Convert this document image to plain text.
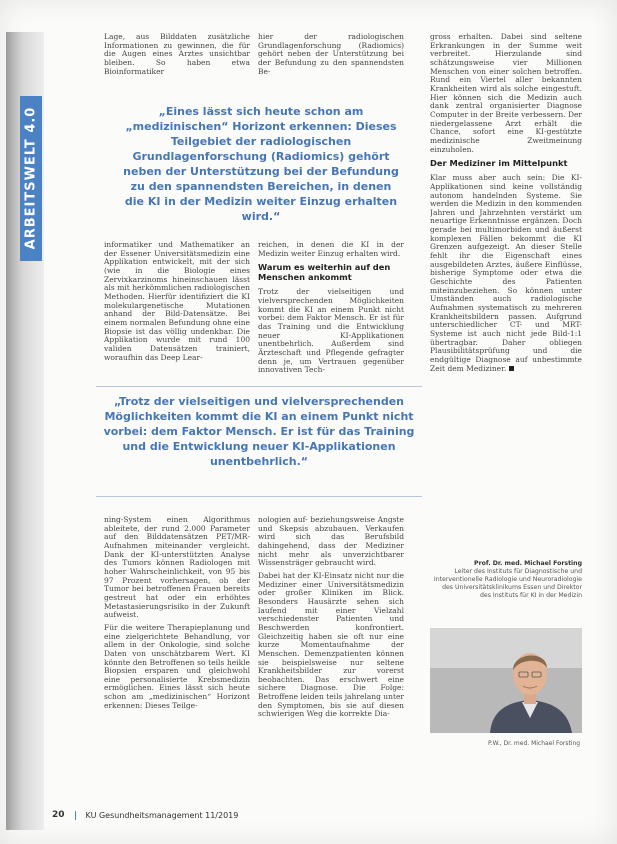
ARBEITSWELT 4.0

Lage, aus Bilddaten zusätzliche Informationen zu gewinnen, die für die Augen eines Arztes unsichtbar bleiben. So haben etwa Bioinformatiker

hier der radiologischen Grundlagenforschung (Radiomics) gehört neben der Unterstützung bei der Befundung zu den spannendsten Be-

„Eines lässt sich heute schon am „medizinischen“ Horizont erkennen: Dieses Teilgebiet der radiologischen Grundlagenforschung (Radiomics) gehört neben der Unterstützung bei der Befundung zu den spannendsten Bereichen, in denen die KI in der Medizin weiter Einzug erhalten wird.“

gross erhalten. Dabei sind seltene Erkrankungen in der Summe weit verbreitet. Hierzulande sind schätzungsweise vier Millionen Menschen von einer solchen betroffen. Rund ein Viertel aller bekannten Krankheiten wird als solche eingestuft. Hier können sich die Medizin auch dank zentral organisierter Diagnose Computer in der Breite verbessern. Der niedergelassene Arzt erhält die Chance, sofort eine KI-gestützte medizinische Zweitmeinung einzuholen.

Der Mediziner im Mittelpunkt

Klar muss aber auch sein: Die KI-Applikationen sind keine vollständig autonom handelnden Systeme. Sie werden die Medizin in den kommenden Jahren und Jahrzehnten verstärkt um neuartige Erkenntnisse ergänzen. Doch gerade bei multimorbiden und äußerst komplexen Fällen bekommt die KI Grenzen aufgezeigt. An dieser Stelle fehlt ihr die Eigenschaft eines ausgebildeten Arztes, äußere Einflüsse, bisherige Symptome oder etwa die Geschichte des Patienten miteinzubeziehen. So können unter Umständen auch radiologische Aufnahmen systematisch zu mehreren Krankheitsbildern passen. Aufgrund unterschiedlicher CT- und MRT-Systeme ist auch nicht jede Bild-1:1 übertragbar. Daher obliegen Plausibilitätsprüfung und die endgültige Diagnose auf unbestimmte Zeit dem Mediziner.

informatiker und Mathematiker an der Essener Universitätsmedizin eine Applikation entwickelt, mit der sich (wie in die Biologie eines Zervixkarzinoms hineinschauen lässt als mit herkömmlichen radiologischen Methoden. Hierfür identifiziert die KI molekulargenetische Mutationen anhand der Bild-Datensätze. Bei einem normalen Befundung ohne eine Biopsie ist das völlig undenkbar. Die Applikation wurde mit rund 100 validen Datensätzen trainiert, woraufhin das Deep Lear-

reichen, in denen die KI in der Medizin weiter Einzug erhalten wird.

Warum es weiterhin auf den Menschen ankommt

Trotz der vielseitigen und vielversprechenden Möglichkeiten kommt die KI an einem Punkt nicht vorbei: dem Faktor Mensch. Er ist für das Training und die Entwicklung neuer KI-Applikationen unentbehrlich. Außerdem sind Ärzteschaft und Pflegende gefragter denn je, um Vertrauen gegenüber innovativen Tech-

„Trotz der vielseitigen und vielversprechenden Möglichkeiten kommt die KI an einem Punkt nicht vorbei: dem Faktor Mensch. Er ist für das Training und die Entwicklung neuer KI-Applikationen unentbehrlich.“

ning-System einen Algorithmus ableitete, der rund 2.000 Parameter auf den Bilddatensätzen PET/MR-Aufnahmen miteinander vergleicht. Dank der KI-unterstützten Analyse des Tumors können Radiologen mit hoher Wahrscheinlichkeit, von 95 bis 97 Prozent vorhersagen, ob der Tumor bei betroffenen Frauen bereits gestreut hat oder ein erhöhtes Metastasierungsrisiko in der Zukunft aufweist.

Für die weitere Therapieplanung und eine zielgerichtete Behandlung, vor allem in der Onkologie, sind solche Daten von unschätzbarem Wert. KI könnte den Betroffenen so teils heikle Biopsien ersparen und gleichwohl eine personalisierte Krebsmedizin ermöglichen. Eines lässt sich heute schon am „medizinischen“ Horizont erkennen: Dieses Teilge-

nologien auf- beziehungsweise Ängste und Skepsis abzubauen. Verkaufen wird sich das Berufsbild dahingehend, dass der Mediziner nicht mehr als unverzichtbarer Wissensträger gebraucht wird.

Dabei hat der KI-Einsatz nicht nur die Mediziner einer Universitätsmedizin oder großer Kliniken im Blick. Besonders Hausärzte sehen sich laufend mit einer Vielzahl verschiedenster Patienten und Beschwerden konfrontiert. Gleichzeitig haben sie oft nur eine kurze Momentaufnahme der Menschen. Demenzpatienten können sie beispielsweise nur seltene Krankheitsbilder zur vorerst beobachten. Das erschwert eine sichere Diagnose. Die Folge: Betroffene leiden teils jahrelang unter den Symptomen, bis sie auf diesen schwierigen Weg die korrekte Dia-

Prof. Dr. med. Michael Forsting
Leiter des Instituts für Diagnostische und Interventionelle Radiologie und Neuroradiologie des Universitätsklinikums Essen und Direktor des Instituts für KI in der Medizin

P.W., Dr. med. Michael Forsting

20	KU Gesundheitsmanagement 11/2019
